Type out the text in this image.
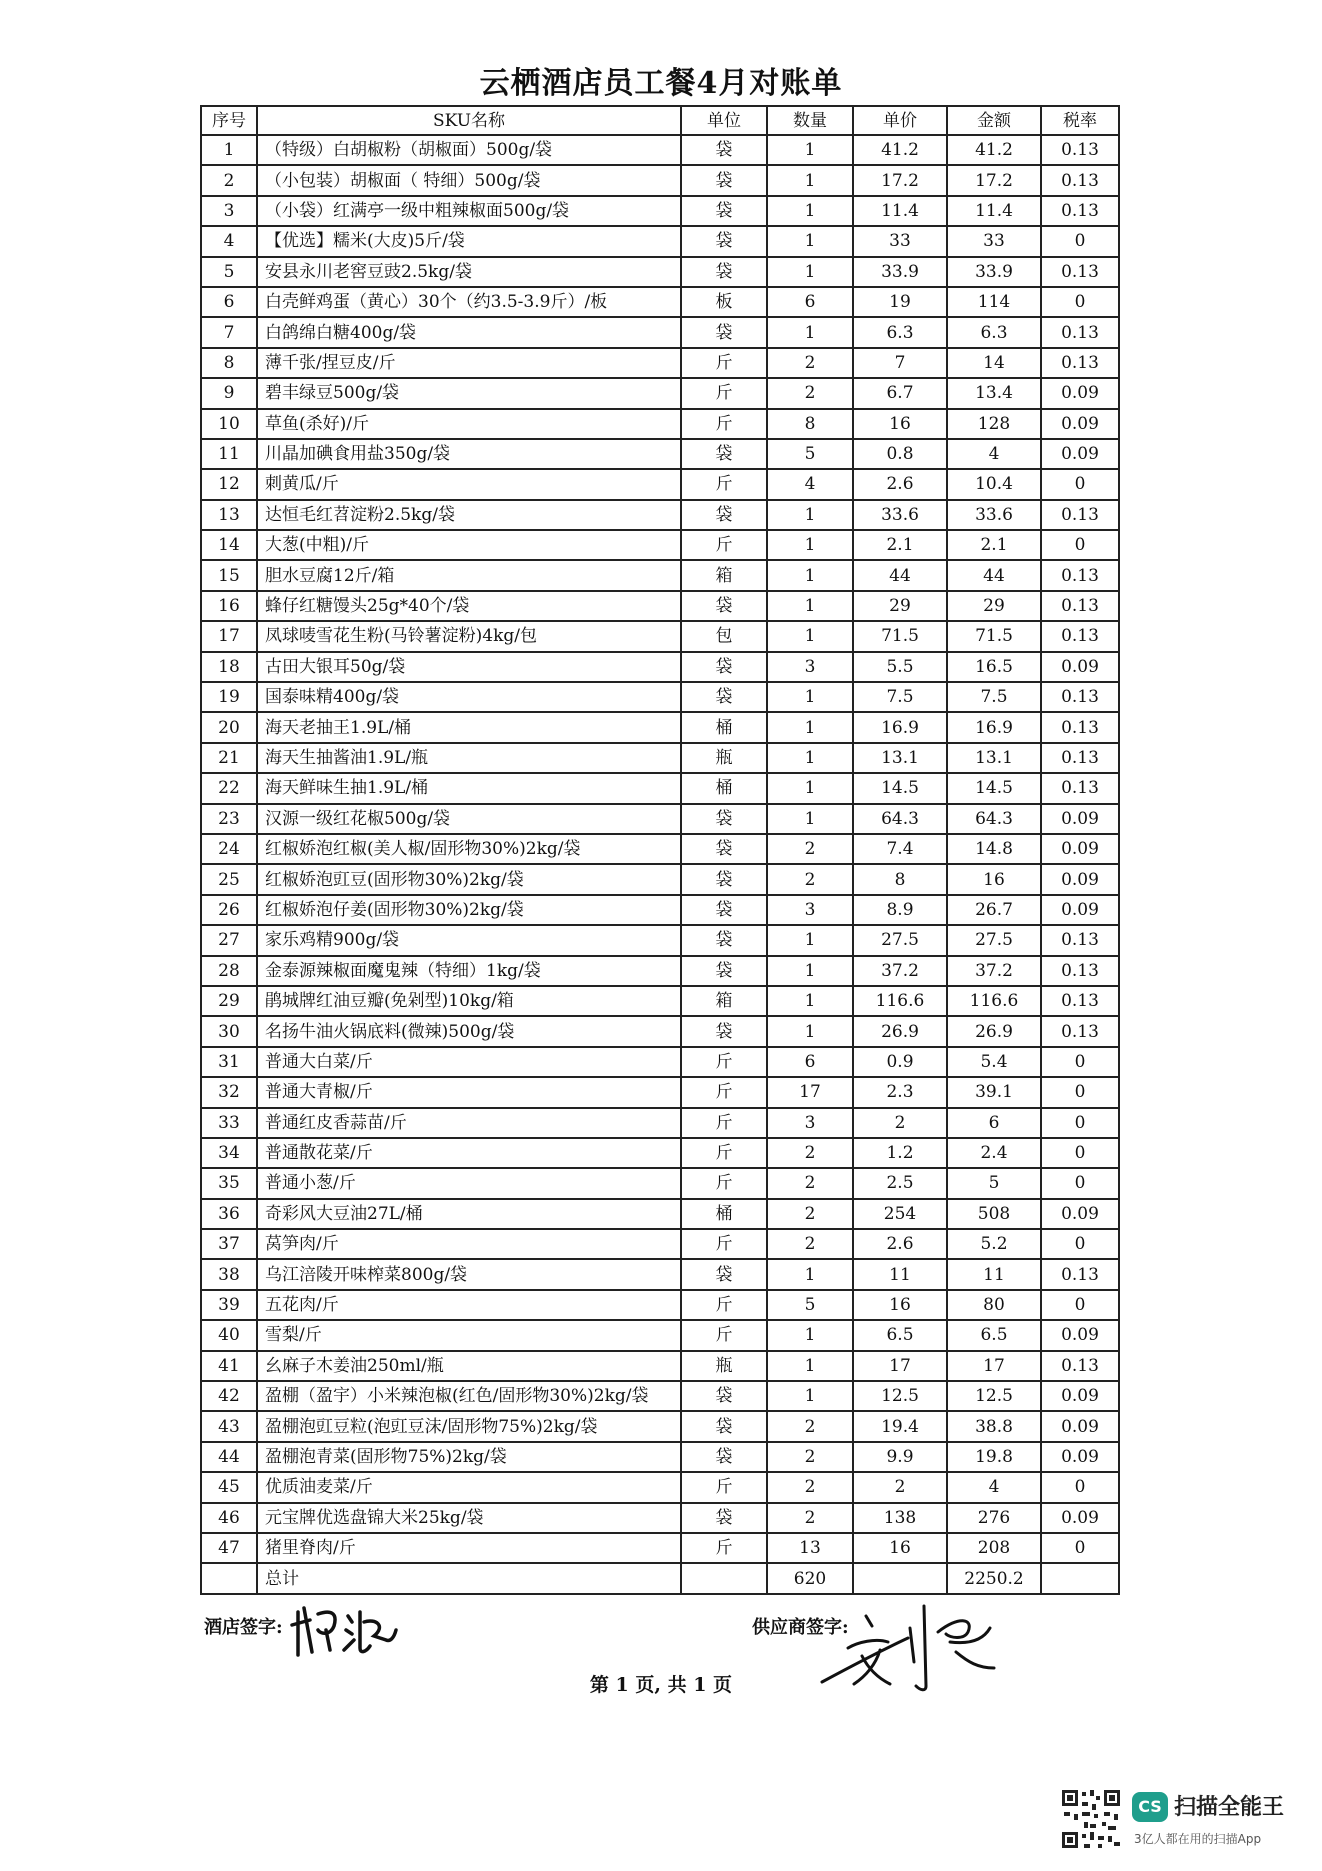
云栖酒店员工餐4月对账单
序号	SKU名称	单位	数量	单价	金额	税率
1	（特级）白胡椒粉（胡椒面）500g/袋	袋	1	41.2	41.2	0.13
2	（小包装）胡椒面（ 特细）500g/袋	袋	1	17.2	17.2	0.13
3	（小袋）红满亭一级中粗辣椒面500g/袋	袋	1	11.4	11.4	0.13
4	【优选】糯米(大皮)5斤/袋	袋	1	33	33	0
5	安县永川老窖豆豉2.5kg/袋	袋	1	33.9	33.9	0.13
6	白壳鲜鸡蛋（黄心）30个（约3.5-3.9斤）/板	板	6	19	114	0
7	白鸽绵白糖400g/袋	袋	1	6.3	6.3	0.13
8	薄千张/捏豆皮/斤	斤	2	7	14	0.13
9	碧丰绿豆500g/袋	斤	2	6.7	13.4	0.09
10	草鱼(杀好)/斤	斤	8	16	128	0.09
11	川晶加碘食用盐350g/袋	袋	5	0.8	4	0.09
12	刺黄瓜/斤	斤	4	2.6	10.4	0
13	达恒毛红苕淀粉2.5kg/袋	袋	1	33.6	33.6	0.13
14	大葱(中粗)/斤	斤	1	2.1	2.1	0
15	胆水豆腐12斤/箱	箱	1	44	44	0.13
16	蜂仔红糖馒头25g*40个/袋	袋	1	29	29	0.13
17	凤球唛雪花生粉(马铃薯淀粉)4kg/包	包	1	71.5	71.5	0.13
18	古田大银耳50g/袋	袋	3	5.5	16.5	0.09
19	国泰味精400g/袋	袋	1	7.5	7.5	0.13
20	海天老抽王1.9L/桶	桶	1	16.9	16.9	0.13
21	海天生抽酱油1.9L/瓶	瓶	1	13.1	13.1	0.13
22	海天鲜味生抽1.9L/桶	桶	1	14.5	14.5	0.13
23	汉源一级红花椒500g/袋	袋	1	64.3	64.3	0.09
24	红椒娇泡红椒(美人椒/固形物30%)2kg/袋	袋	2	7.4	14.8	0.09
25	红椒娇泡豇豆(固形物30%)2kg/袋	袋	2	8	16	0.09
26	红椒娇泡仔姜(固形物30%)2kg/袋	袋	3	8.9	26.7	0.09
27	家乐鸡精900g/袋	袋	1	27.5	27.5	0.13
28	金泰源辣椒面魔鬼辣（特细）1kg/袋	袋	1	37.2	37.2	0.13
29	鹃城牌红油豆瓣(免剁型)10kg/箱	箱	1	116.6	116.6	0.13
30	名扬牛油火锅底料(微辣)500g/袋	袋	1	26.9	26.9	0.13
31	普通大白菜/斤	斤	6	0.9	5.4	0
32	普通大青椒/斤	斤	17	2.3	39.1	0
33	普通红皮香蒜苗/斤	斤	3	2	6	0
34	普通散花菜/斤	斤	2	1.2	2.4	0
35	普通小葱/斤	斤	2	2.5	5	0
36	奇彩风大豆油27L/桶	桶	2	254	508	0.09
37	莴笋肉/斤	斤	2	2.6	5.2	0
38	乌江涪陵开味榨菜800g/袋	袋	1	11	11	0.13
39	五花肉/斤	斤	5	16	80	0
40	雪梨/斤	斤	1	6.5	6.5	0.09
41	幺麻子木姜油250ml/瓶	瓶	1	17	17	0.13
42	盈棚（盈宇）小米辣泡椒(红色/固形物30%)2kg/袋	袋	1	12.5	12.5	0.09
43	盈棚泡豇豆粒(泡豇豆沫/固形物75%)2kg/袋	袋	2	19.4	38.8	0.09
44	盈棚泡青菜(固形物75%)2kg/袋	袋	2	9.9	19.8	0.09
45	优质油麦菜/斤	斤	2	2	4	0
46	元宝牌优选盘锦大米25kg/袋	袋	2	138	276	0.09
47	猪里脊肉/斤	斤	13	16	208	0
	总计		620		2250.2	
酒店签字:	供应商签字:
第 1 页, 共 1 页
CS 扫描全能王
3亿人都在用的扫描App
